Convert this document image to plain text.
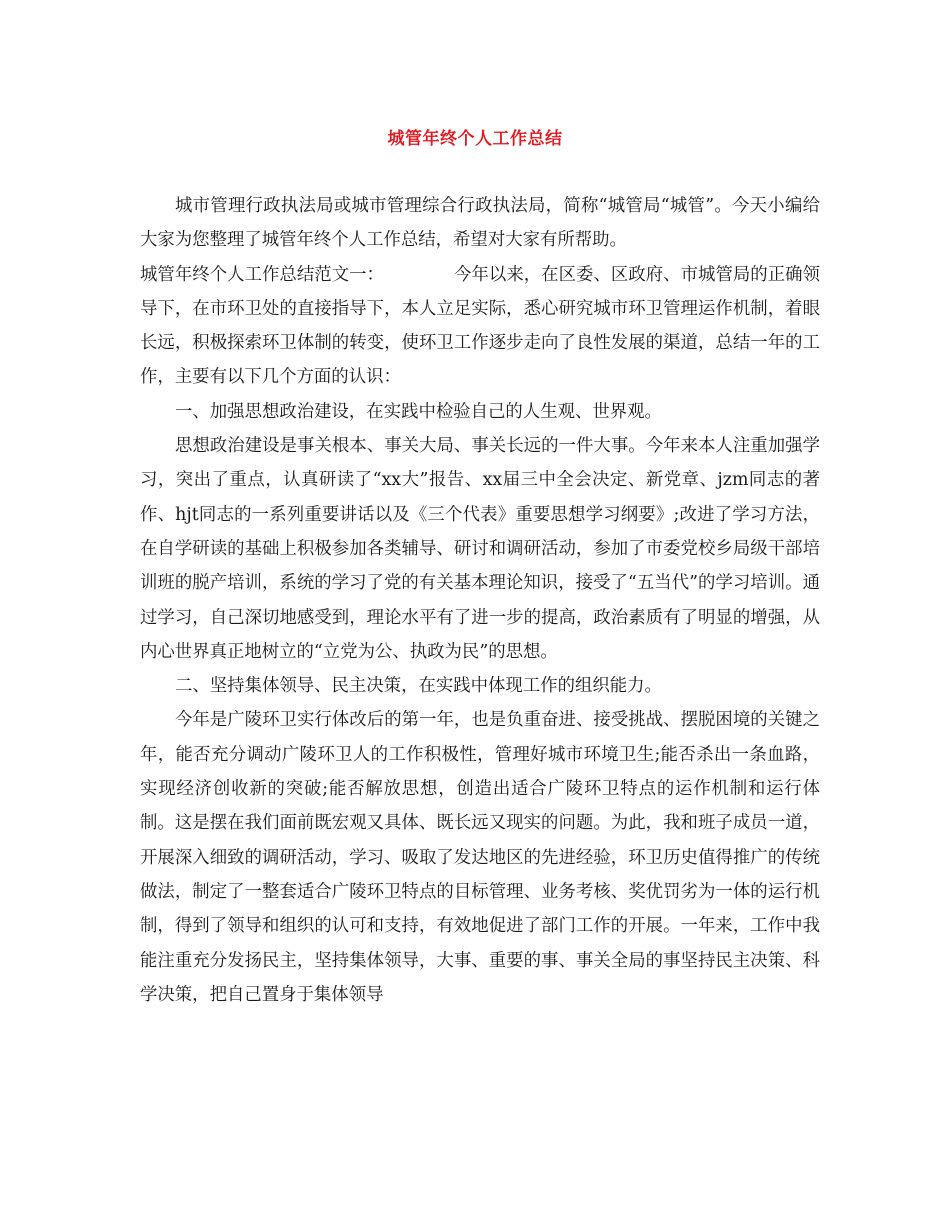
城管年终个人工作总结

城市管理行政执法局或城市管理综合行政执法局，简称“城管局“城管”。今天小编给大家为您整理了城管年终个人工作总结，希望对大家有所帮助。

城管年终个人工作总结范文一：	今年以来，在区委、区政府、市城管局的正确领导下，在市环卫处的直接指导下，本人立足实际，悉心研究城市环卫管理运作机制，着眼长远，积极探索环卫体制的转变，使环卫工作逐步走向了良性发展的渠道，总结一年的工作，主要有以下几个方面的认识：

一、加强思想政治建设，在实践中检验自己的人生观、世界观。

思想政治建设是事关根本、事关大局、事关长远的一件大事。今年来本人注重加强学习，突出了重点，认真研读了“xx大”报告、xx届三中全会决定、新党章、jzm同志的著作、hjt同志的一系列重要讲话以及《三个代表》重要思想学习纲要》;改进了学习方法，在自学研读的基础上积极参加各类辅导、研讨和调研活动，参加了市委党校乡局级干部培训班的脱产培训，系统的学习了党的有关基本理论知识，接受了“五当代”的学习培训。通过学习，自己深切地感受到，理论水平有了进一步的提高，政治素质有了明显的增强，从内心世界真正地树立的“立党为公、执政为民”的思想。

二、坚持集体领导、民主决策，在实践中体现工作的组织能力。

今年是广陵环卫实行体改后的第一年，也是负重奋进、接受挑战、摆脱困境的关键之年，能否充分调动广陵环卫人的工作积极性，管理好城市环境卫生;能否杀出一条血路，实现经济创收新的突破;能否解放思想，创造出适合广陵环卫特点的运作机制和运行体制。这是摆在我们面前既宏观又具体、既长远又现实的问题。为此，我和班子成员一道，开展深入细致的调研活动，学习、吸取了发达地区的先进经验，环卫历史值得推广的传统做法，制定了一整套适合广陵环卫特点的目标管理、业务考核、奖优罚劣为一体的运行机制，得到了领导和组织的认可和支持，有效地促进了部门工作的开展。一年来，工作中我能注重充分发扬民主，坚持集体领导，大事、重要的事、事关全局的事坚持民主决策、科学决策，把自己置身于集体领导
